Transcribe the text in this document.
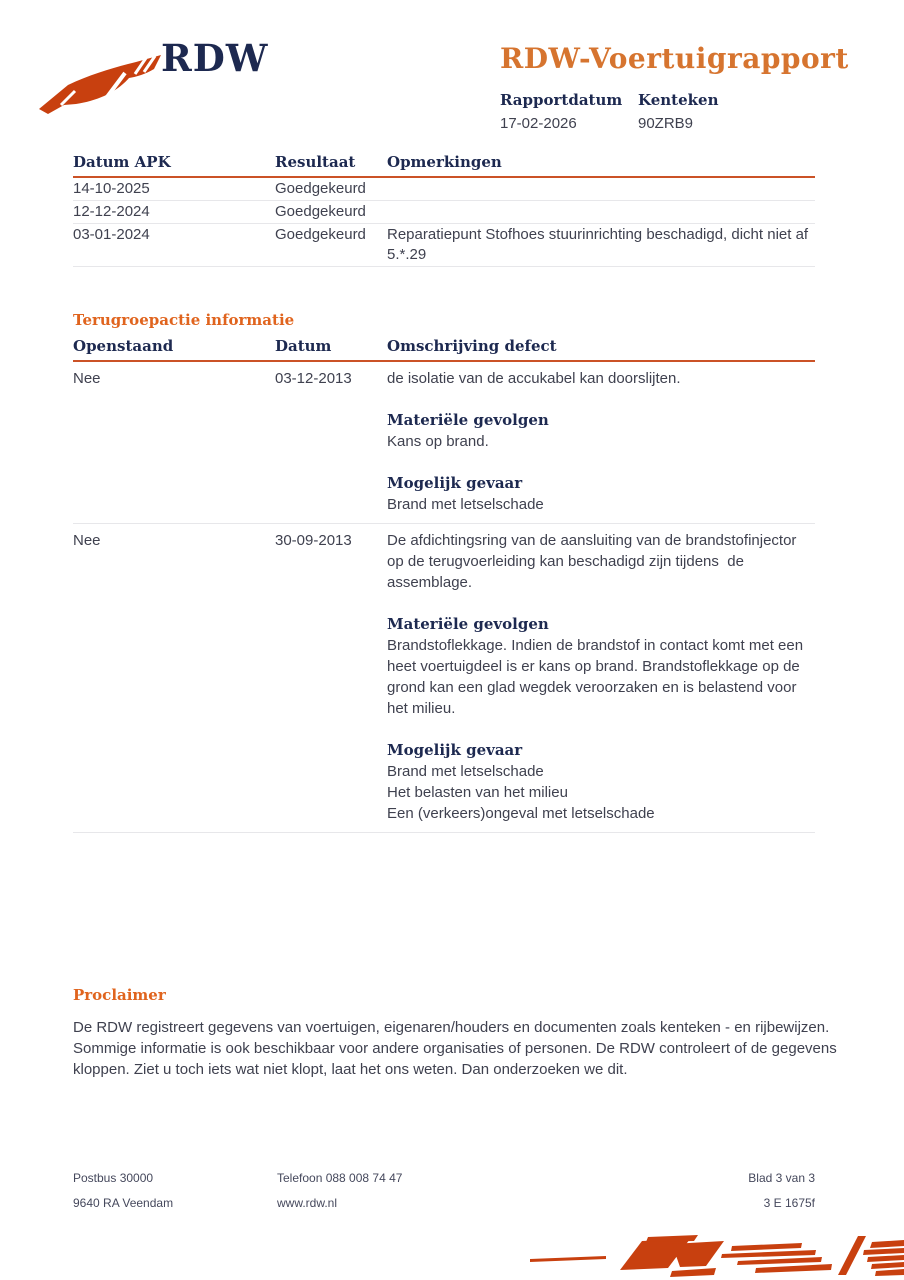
RDW	RDW-Voertuigrapport
Rapportdatum
17-02-2026
Kenteken
90ZRB9
Datum APK	Resultaat	Opmerkingen
14-10-2025	Goedgekeurd
12-12-2024	Goedgekeurd
03-01-2024	Goedgekeurd	Reparatiepunt Stofhoes stuurinrichting beschadigd, dicht niet af 5.*.29
Terugroepactie informatie
Openstaand	Datum	Omschrijving defect
Nee	03-12-2013	de isolatie van de accukabel kan doorslijten.

Materiële gevolgen

Kans op brand.

Mogelijk gevaar

Brand met letselschade

Nee	30-09-2013	De afdichtingsring van de aansluiting van de brandstofinjector op de terugvoerleiding kan beschadigd zijn tijdens  de assemblage.

Materiële gevolgen

Brandstoflekkage. Indien de brandstof in contact komt met een heet voertuigdeel is er kans op brand. Brandstoflekkage op de grond kan een glad wegdek veroorzaken en is belastend voor het milieu.

Mogelijk gevaar

Brand met letselschade

Het belasten van het milieu

Een (verkeers)ongeval met letselschade

Proclaimer

De RDW registreert gegevens van voertuigen, eigenaren/houders en documenten zoals kenteken - en rijbewijzen. Sommige informatie is ook beschikbaar voor andere organisaties of personen. De RDW controleert of de gegevens kloppen. Ziet u toch iets wat niet klopt, laat het ons weten. Dan onderzoeken we dit.

Postbus 30000
9640 RA Veendam
Telefoon 088 008 74 47
www.rdw.nl
Blad 3 van 3
3 E 1675f
